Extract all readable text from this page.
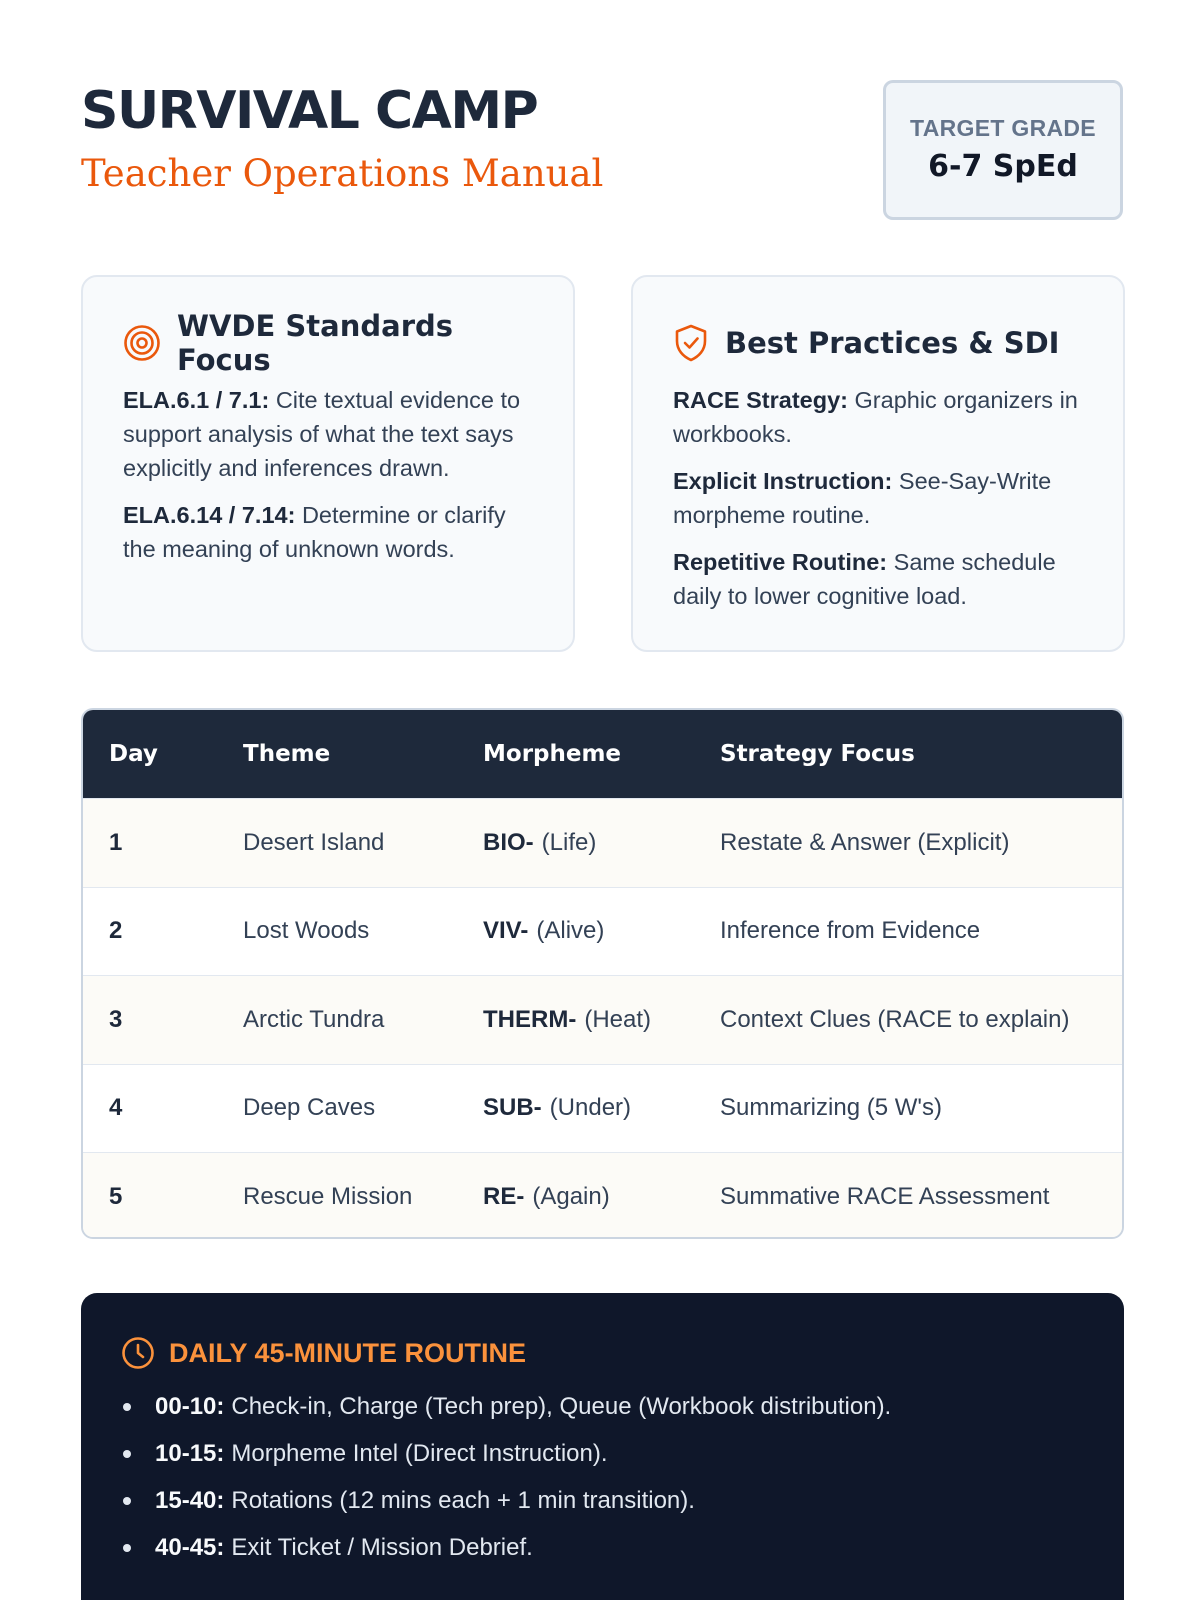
SURVIVAL CAMP
Teacher Operations Manual
TARGET GRADE
6-7 SpEd
WVDE Standards Focus

ELA.6.1 / 7.1: Cite textual evidence to support analysis of what the text says explicitly and inferences drawn.

ELA.6.14 / 7.14: Determine or clarify the meaning of unknown words.

Best Practices & SDI

RACE Strategy: Graphic organizers in workbooks.

Explicit Instruction: See-Say-Write morpheme routine.

Repetitive Routine: Same schedule daily to lower cognitive load.

Day	Theme	Morpheme	Strategy Focus
1	Desert Island	BIO- (Life)	Restate & Answer (Explicit)
2	Lost Woods	VIV- (Alive)	Inference from Evidence
3	Arctic Tundra	THERM- (Heat)	Context Clues (RACE to explain)
4	Deep Caves	SUB- (Under)	Summarizing (5 W's)
5	Rescue Mission	RE- (Again)	Summative RACE Assessment
DAILY 45-MINUTE ROUTINE
00-10: Check-in, Charge (Tech prep), Queue (Workbook distribution).
10-15: Morpheme Intel (Direct Instruction).
15-40: Rotations (12 mins each + 1 min transition).
40-45: Exit Ticket / Mission Debrief.
